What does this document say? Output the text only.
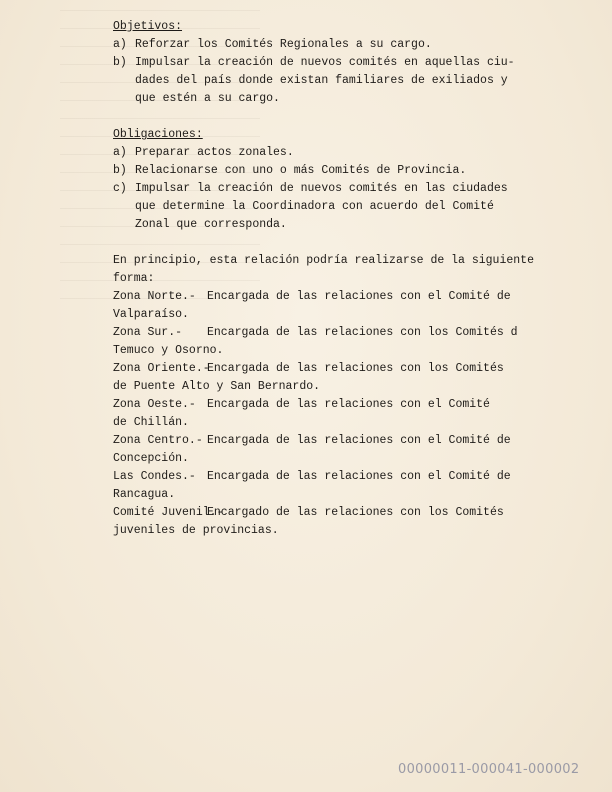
Objetivos:
a) Reforzar los Comités Regionales a su cargo.
b) Impulsar la creación de nuevos comités en aquellas ciu-
dades del país donde existan familiares de exiliados y
que estén a su cargo.
Obligaciones:
a) Preparar actos zonales.
b) Relacionarse con uno o más Comités de Provincia.
c) Impulsar la creación de nuevos comités en las ciudades
que determine la Coordinadora con acuerdo del Comité
Zonal que corresponda.
En principio, esta relación podría realizarse de la siguiente
forma:
Zona Norte.- Encargada de las relaciones con el Comité de
Valparaíso.
Zona Sur.-	Encargada de las relaciones con los Comités d
Temuco y Osorno.
Zona Oriente.-
Encargada de las relaciones con los Comités
de Puente Alto y San Bernardo.
Zona Oeste.- Encargada de las relaciones con el Comité
de Chillán.
Zona Centro.- Encargada de las relaciones con el Comité de
Concepción.
Las Condes.- Encargada de las relaciones con el Comité de
Rancagua.
Comité Juvenil.-
Encargado de las relaciones con los Comités
juveniles de provincias.
00000011-000041-000002
